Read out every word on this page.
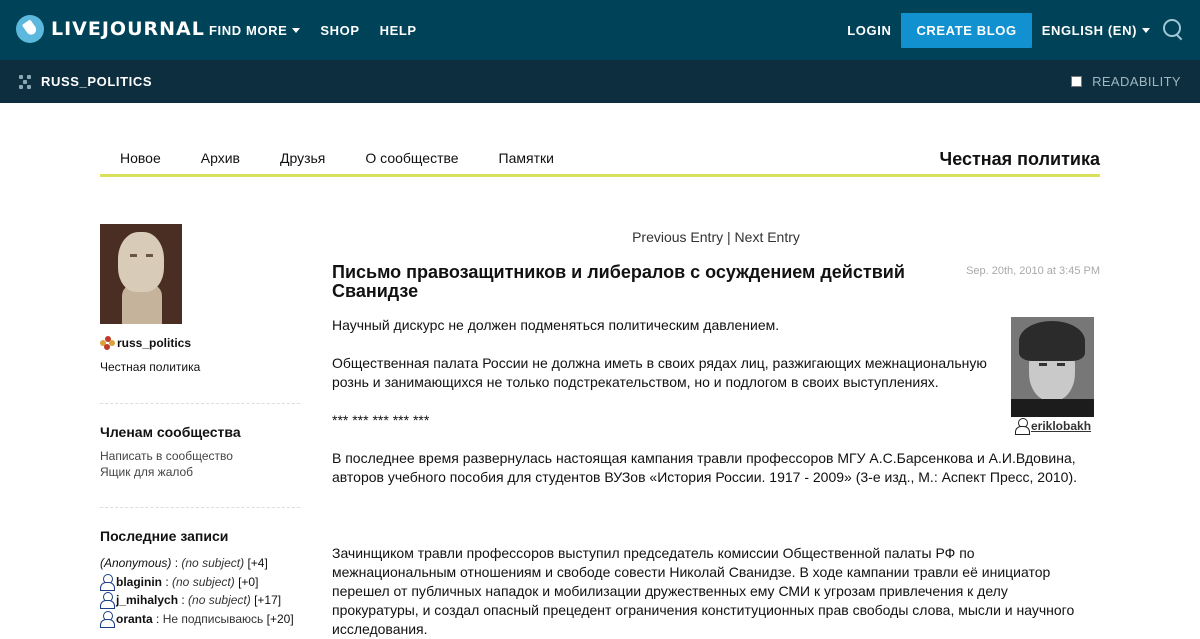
LIVEJOURNAL FIND MORE	SHOP HELP	LOGIN	CREATE BLOG	ENGLISH (EN)
RUSS_POLITICS	READABILITY
Новое	Архив	Друзья	О сообществе	Памятки	Честная политика
russ_politics
Честная политика
Членам сообщества
Написать в сообщество
Ящик для жалоб
Последние записи
(Anonymous) : (no subject)
[+4]
blaginin : (no subject)
[+0]
j_mihalych : (no subject)
[+17]
oranta : Не подписываюсь
[+20]
Previous Entry | Next Entry
Письмо правозащитников и либералов с осуждением действий Сванидзе
Sep. 20th, 2010 at 3:45 PM
eriklobakh

Научный дискурс не должен подменяться политическим давлением.

Общественная палата России не должна иметь в своих рядах лиц, разжигающих межнациональную рознь и занимающихся не только подстрекательством, но и подлогом в своих выступлениях.

*** *** *** *** ***

В последнее время развернулась настоящая кампания травли профессоров МГУ А.С.Барсенкова и А.И.Вдовина, авторов учебного пособия для студентов ВУЗов «История России. 1917 - 2009» (3-е изд., М.: Аспект Пресс, 2010).

Зачинщиком травли профессоров выступил председатель комиссии Общественной палаты РФ по межнациональным отношениям и свободе совести Николай Сванидзе. В ходе кампании травли её инициатор перешел от публичных нападок и мобилизации дружественных ему СМИ к угрозам привлечения к делу прокуратуры, и создал опасный прецедент ограничения конституционных прав свободы слова, мысли и научного исследования.
